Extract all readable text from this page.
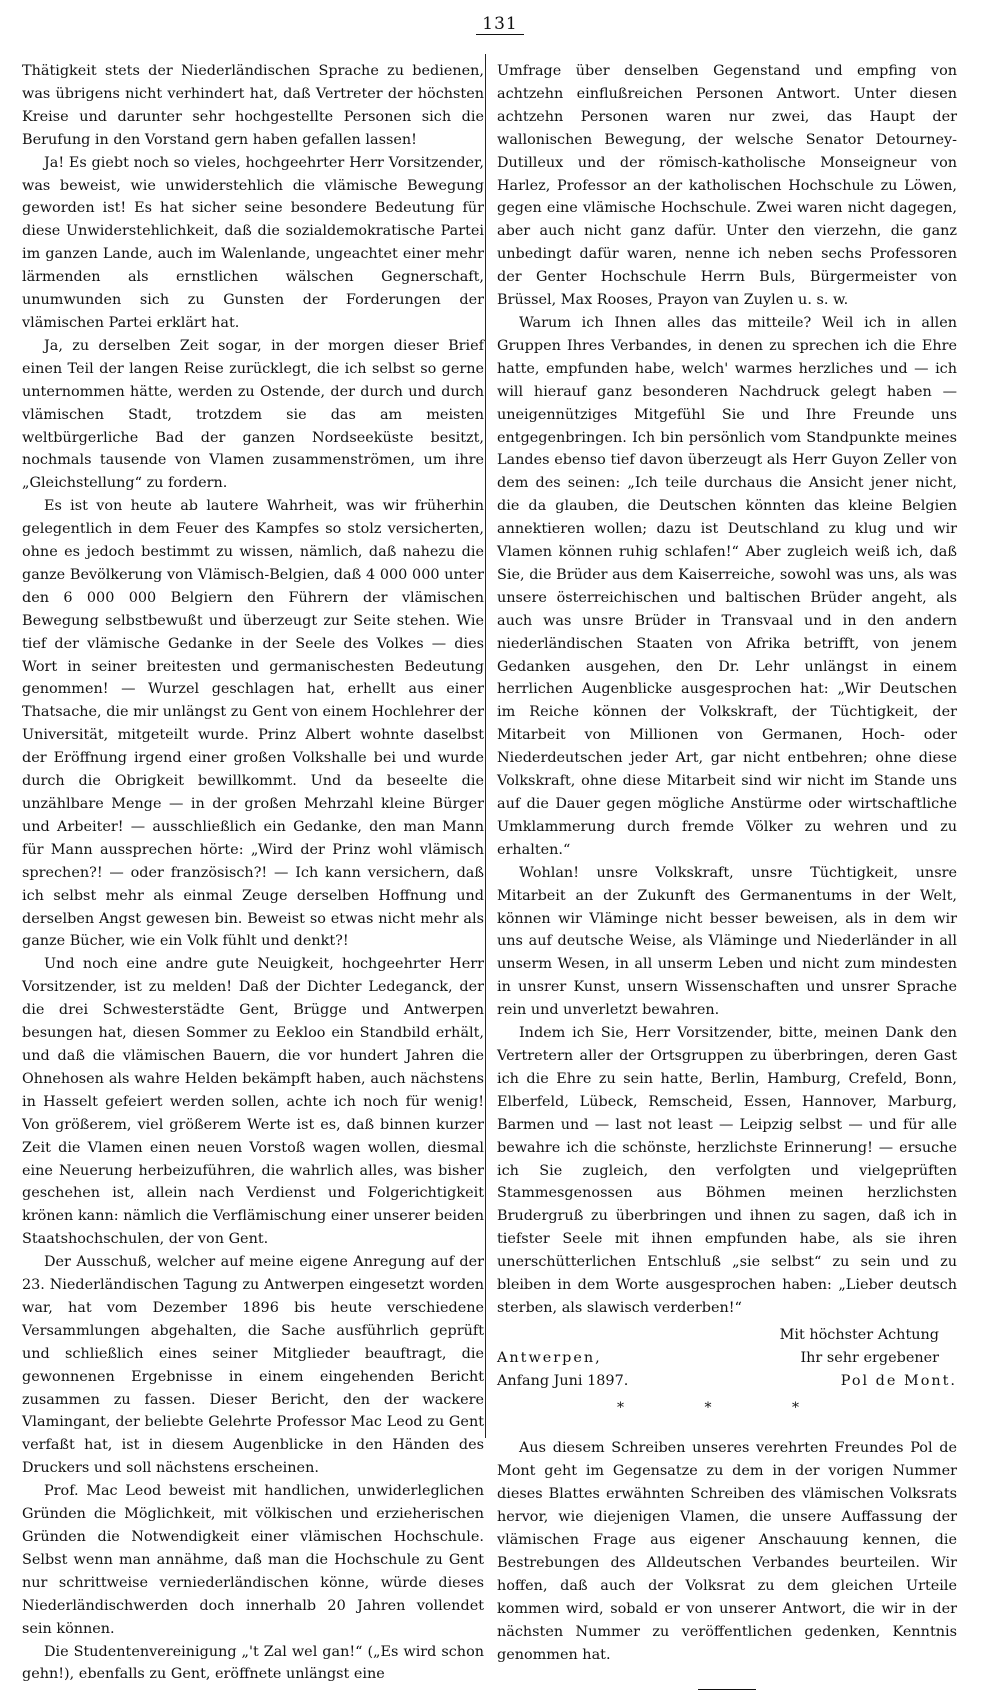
131

Thätigkeit stets der Niederländischen Sprache zu bedienen, was übrigens nicht verhindert hat, daß Vertreter der höchsten Kreise und darunter sehr hochgestellte Personen sich die Berufung in den Vorstand gern haben gefallen lassen!

Ja! Es giebt noch so vieles, hochgeehrter Herr Vorsitzender, was beweist, wie unwiderstehlich die vlämische Bewegung geworden ist! Es hat sicher seine besondere Bedeutung für diese Unwiderstehlichkeit, daß die sozialdemokratische Partei im ganzen Lande, auch im Walenlande, ungeachtet einer mehr lärmenden als ernstlichen wälschen Gegnerschaft, unumwunden sich zu Gunsten der Forderungen der vlämischen Partei erklärt hat.

Ja, zu derselben Zeit sogar, in der morgen dieser Brief einen Teil der langen Reise zurücklegt, die ich selbst so gerne unternommen hätte, werden zu Ostende, der durch und durch vlämischen Stadt, trotzdem sie das am meisten weltbürgerliche Bad der ganzen Nordseeküste besitzt, nochmals tausende von Vlamen zusammenströmen, um ihre „Gleichstellung“ zu fordern.

Es ist von heute ab lautere Wahrheit, was wir früherhin gelegentlich in dem Feuer des Kampfes so stolz versicherten, ohne es jedoch bestimmt zu wissen, nämlich, daß nahezu die ganze Bevölkerung von Vlämisch-Belgien, daß 4 000 000 unter den 6 000 000 Belgiern den Führern der vlämischen Bewegung selbstbewußt und überzeugt zur Seite stehen. Wie tief der vlämische Gedanke in der Seele des Volkes — dies Wort in seiner breitesten und germanischesten Bedeutung genommen! — Wurzel geschlagen hat, erhellt aus einer Thatsache, die mir unlängst zu Gent von einem Hochlehrer der Universität, mitgeteilt wurde. Prinz Albert wohnte daselbst der Eröffnung irgend einer großen Volkshalle bei und wurde durch die Obrigkeit bewillkommt. Und da beseelte die unzählbare Menge — in der großen Mehrzahl kleine Bürger und Arbeiter! — ausschließlich ein Gedanke, den man Mann für Mann aussprechen hörte: „Wird der Prinz wohl vlämisch sprechen?! — oder französisch?! — Ich kann versichern, daß ich selbst mehr als einmal Zeuge derselben Hoffnung und derselben Angst gewesen bin. Beweist so etwas nicht mehr als ganze Bücher, wie ein Volk fühlt und denkt?!

Und noch eine andre gute Neuigkeit, hochgeehrter Herr Vorsitzender, ist zu melden! Daß der Dichter Ledeganck, der die drei Schwesterstädte Gent, Brügge und Antwerpen besungen hat, diesen Sommer zu Eekloo ein Standbild erhält, und daß die vlämischen Bauern, die vor hundert Jahren die Ohnehosen als wahre Helden bekämpft haben, auch nächstens in Hasselt gefeiert werden sollen, achte ich noch für wenig! Von größerem, viel größerem Werte ist es, daß binnen kurzer Zeit die Vlamen einen neuen Vorstoß wagen wollen, diesmal eine Neuerung herbeizuführen, die wahrlich alles, was bisher geschehen ist, allein nach Verdienst und Folgerichtigkeit krönen kann: nämlich die Verflämischung einer unserer beiden Staatshochschulen, der von Gent.

Der Ausschuß, welcher auf meine eigene Anregung auf der 23. Niederländischen Tagung zu Antwerpen eingesetzt worden war, hat vom Dezember 1896 bis heute verschiedene Versammlungen abgehalten, die Sache ausführlich geprüft und schließlich eines seiner Mitglieder beauftragt, die gewonnenen Ergebnisse in einem eingehenden Bericht zusammen zu fassen. Dieser Bericht, den der wackere Vlamingant, der beliebte Gelehrte Professor Mac Leod zu Gent verfaßt hat, ist in diesem Augenblicke in den Händen des Druckers und soll nächstens erscheinen.

Prof. Mac Leod beweist mit handlichen, unwiderleglichen Gründen die Möglichkeit, mit völkischen und erzieherischen Gründen die Notwendigkeit einer vlämischen Hochschule. Selbst wenn man annähme, daß man die Hochschule zu Gent nur schrittweise verniederländischen könne, würde dieses Niederländischwerden doch innerhalb 20 Jahren vollendet sein können.

Die Studentenvereinigung „'t Zal wel gan!“ („Es wird schon gehn!), ebenfalls zu Gent, eröffnete unlängst eine

Umfrage über denselben Gegenstand und empfing von achtzehn einflußreichen Personen Antwort. Unter diesen achtzehn Personen waren nur zwei, das Haupt der wallonischen Bewegung, der welsche Senator Detourney-Dutilleux und der römisch-katholische Monseigneur von Harlez, Professor an der katholischen Hochschule zu Löwen, gegen eine vlämische Hochschule. Zwei waren nicht dagegen, aber auch nicht ganz dafür. Unter den vierzehn, die ganz unbedingt dafür waren, nenne ich neben sechs Professoren der Genter Hochschule Herrn Buls, Bürgermeister von Brüssel, Max Rooses, Prayon van Zuylen u. s. w.

Warum ich Ihnen alles das mitteile? Weil ich in allen Gruppen Ihres Verbandes, in denen zu sprechen ich die Ehre hatte, empfunden habe, welch' warmes herzliches und — ich will hierauf ganz besonderen Nachdruck gelegt haben — uneigennütziges Mitgefühl Sie und Ihre Freunde uns entgegenbringen. Ich bin persönlich vom Standpunkte meines Landes ebenso tief davon überzeugt als Herr Guyon Zeller von dem des seinen: „Ich teile durchaus die Ansicht jener nicht, die da glauben, die Deutschen könnten das kleine Belgien annektieren wollen; dazu ist Deutschland zu klug und wir Vlamen können ruhig schlafen!“ Aber zugleich weiß ich, daß Sie, die Brüder aus dem Kaiserreiche, sowohl was uns, als was unsere österreichischen und baltischen Brüder angeht, als auch was unsre Brüder in Transvaal und in den andern niederländischen Staaten von Afrika betrifft, von jenem Gedanken ausgehen, den Dr. Lehr unlängst in einem herrlichen Augenblicke ausgesprochen hat: „Wir Deutschen im Reiche können der Volkskraft, der Tüchtigkeit, der Mitarbeit von Millionen von Germanen, Hoch- oder Niederdeutschen jeder Art, gar nicht entbehren; ohne diese Volkskraft, ohne diese Mitarbeit sind wir nicht im Stande uns auf die Dauer gegen mögliche Anstürme oder wirtschaftliche Umklammerung durch fremde Völker zu wehren und zu erhalten.“

Wohlan! unsre Volkskraft, unsre Tüchtigkeit, unsre Mitarbeit an der Zukunft des Germanentums in der Welt, können wir Vläminge nicht besser beweisen, als in dem wir uns auf deutsche Weise, als Vläminge und Niederländer in all unserm Wesen, in all unserm Leben und nicht zum mindesten in unsrer Kunst, unsern Wissenschaften und unsrer Sprache rein und unverletzt bewahren.

Indem ich Sie, Herr Vorsitzender, bitte, meinen Dank den Vertretern aller der Ortsgruppen zu überbringen, deren Gast ich die Ehre zu sein hatte, Berlin, Hamburg, Crefeld, Bonn, Elberfeld, Lübeck, Remscheid, Essen, Hannover, Marburg, Barmen und — last not least — Leipzig selbst — und für alle bewahre ich die schönste, herzlichste Erinnerung! — ersuche ich Sie zugleich, den verfolgten und vielgeprüften Stammesgenossen aus Böhmen meinen herzlichsten Brudergruß zu überbringen und ihnen zu sagen, daß ich in tiefster Seele mit ihnen empfunden habe, als sie ihren unerschütterlichen Entschluß „sie selbst“ zu sein und zu bleiben in dem Worte ausgesprochen haben: „Lieber deutsch sterben, als slawisch verderben!“

Mit höchster Achtung
Antwerpen,	Ihr sehr ergebener
Anfang Juni 1897.	Pol de Mont.
* * *

Aus diesem Schreiben unseres verehrten Freundes Pol de Mont geht im Gegensatze zu dem in der vorigen Nummer dieses Blattes erwähnten Schreiben des vlämischen Volksrats hervor, wie diejenigen Vlamen, die unsere Auffassung der vlämischen Frage aus eigener Anschauung kennen, die Bestrebungen des Alldeutschen Verbandes beurteilen. Wir hoffen, daß auch der Volksrat zu dem gleichen Urteile kommen wird, sobald er von unserer Antwort, die wir in der nächsten Nummer zu veröffentlichen gedenken, Kenntnis genommen hat.
